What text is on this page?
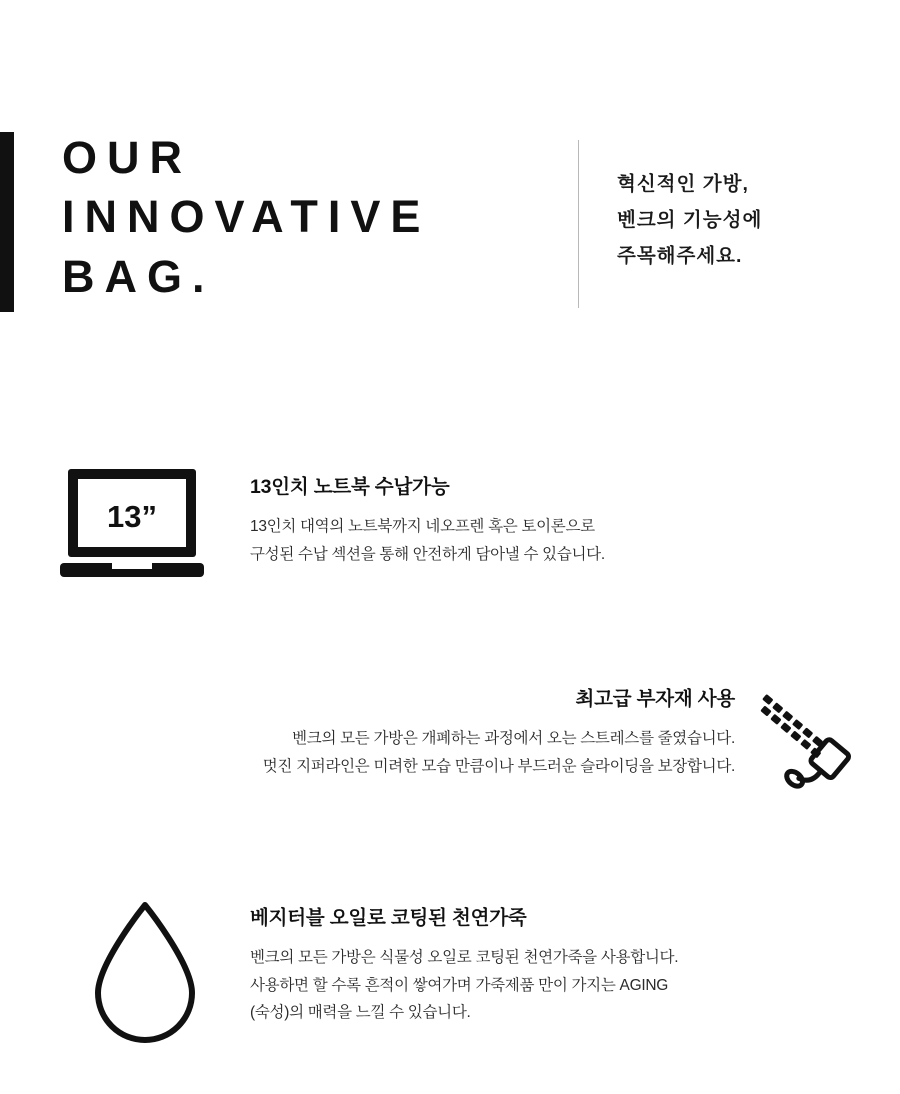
OUR
INNOVATIVE
BAG.
혁신적인 가방,
벤크의 기능성에
주목해주세요.
13”
13인치 노트북 수납가능
13인치 대역의 노트북까지 네오프렌 혹은 토이론으로
구성된 수납 섹션을 통해 안전하게 담아낼 수 있습니다.
최고급 부자재 사용
벤크의 모든 가방은 개폐하는 과정에서 오는 스트레스를 줄였습니다.
멋진 지퍼라인은 미려한 모습 만큼이나 부드러운 슬라이딩을 보장합니다.
베지터블 오일로 코팅된 천연가죽
벤크의 모든 가방은 식물성 오일로 코팅된 천연가죽을 사용합니다.
사용하면 할 수록 흔적이 쌓여가며 가죽제품 만이 가지는 AGING
(숙성)의 매력을 느낄 수 있습니다.
